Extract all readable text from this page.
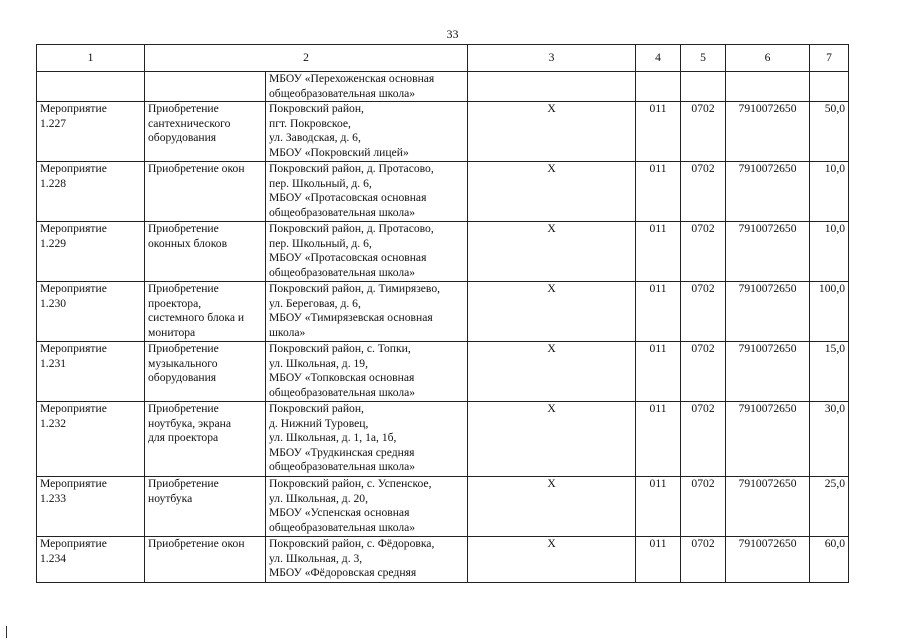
33
1	2		3	4	5	6	7
		МБОУ «Перехоженская основная
общеобразовательная школа»					
Мероприятие
1.227	Приобретение
сантехнического
оборудования	Покровский район,
пгт. Покровское,
ул. Заводская, д. 6,
МБОУ «Покровский лицей»	Х	011	0702	7910072650	50,0
Мероприятие
1.228	Приобретение окон	Покровский район, д. Протасово,
пер. Школьный, д. 6,
МБОУ «Протасовская основная
общеобразовательная школа»	Х	011	0702	7910072650	10,0
Мероприятие
1.229	Приобретение
оконных блоков	Покровский район, д. Протасово,
пер. Школьный, д. 6,
МБОУ «Протасовская основная
общеобразовательная школа»	Х	011	0702	7910072650	10,0
Мероприятие
1.230	Приобретение
проектора,
системного блока и
монитора	Покровский район, д. Тимирязево,
ул. Береговая, д. 6,
МБОУ «Тимирязевская основная
школа»	Х	011	0702	7910072650	100,0
Мероприятие
1.231	Приобретение
музыкального
оборудования	Покровский район, с. Топки,
ул. Школьная, д. 19,
МБОУ «Топковская основная
общеобразовательная школа»	Х	011	0702	7910072650	15,0
Мероприятие
1.232	Приобретение
ноутбука, экрана
для проектора	Покровский район,
д. Нижний Туровец,
ул. Школьная, д. 1, 1а, 1б,
МБОУ «Трудкинская средняя
общеобразовательная школа»	Х	011	0702	7910072650	30,0
Мероприятие
1.233	Приобретение
ноутбука	Покровский район, с. Успенское,
ул. Школьная, д. 20,
МБОУ «Успенская основная
общеобразовательная школа»	Х	011	0702	7910072650	25,0
Мероприятие
1.234	Приобретение окон	Покровский район, с. Фёдоровка,
ул. Школьная, д. 3,
МБОУ «Фёдоровская средняя	Х	011	0702	7910072650	60,0
